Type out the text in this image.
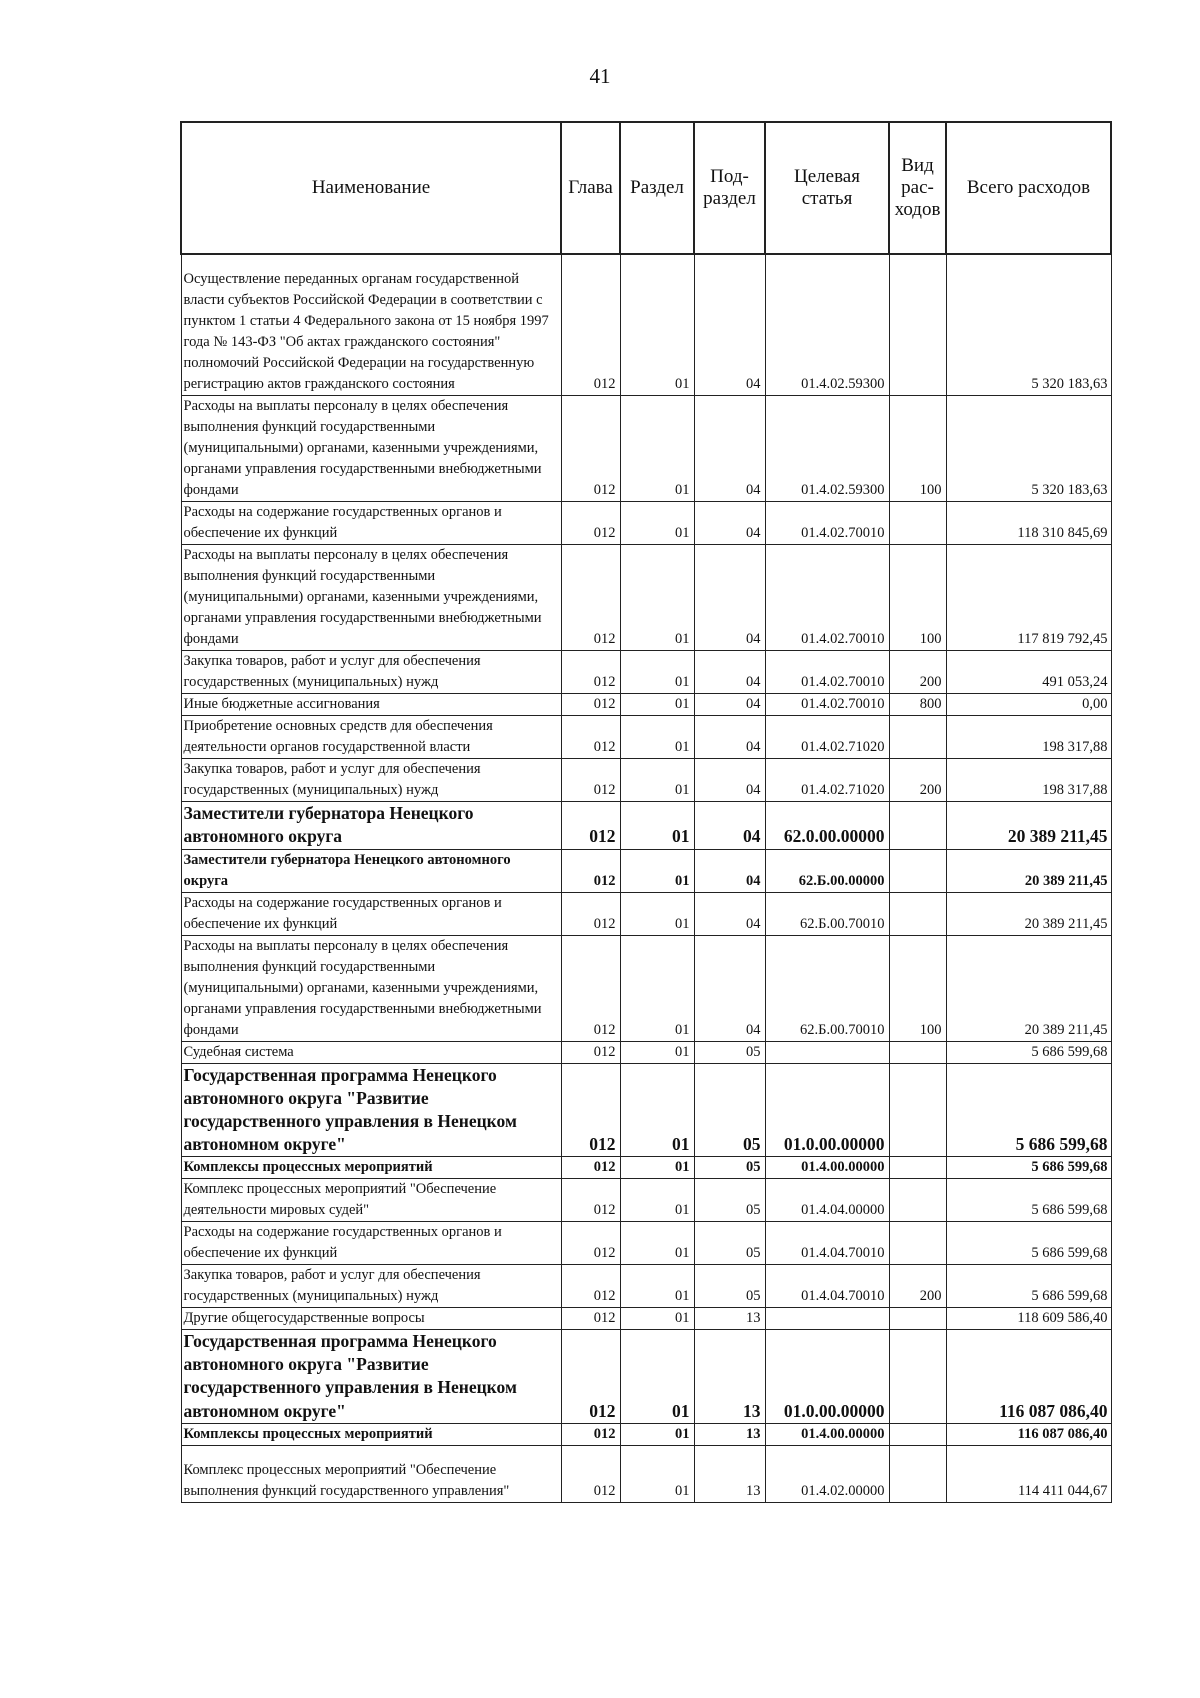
41
Наименование	Глава	Раздел	Под-раздел	Целевая статья	Вид рас-ходов	Всего расходов
Осуществление переданных органам государственной власти субъектов Российской Федерации в соответствии с пунктом 1 статьи 4 Федерального закона от 15 ноября 1997 года № 143-ФЗ "Об актах гражданского состояния" полномочий Российской Федерации на государственную регистрацию актов гражданского состояния	012	01	04	01.4.02.59300		5 320 183,63
Расходы на выплаты персоналу в целях обеспечения выполнения функций государственными (муниципальными) органами, казенными учреждениями, органами управления государственными внебюджетными фондами	012	01	04	01.4.02.59300	100	5 320 183,63
Расходы на содержание государственных органов и обеспечение их функций	012	01	04	01.4.02.70010		118 310 845,69
Расходы на выплаты персоналу в целях обеспечения выполнения функций государственными (муниципальными) органами, казенными учреждениями, органами управления государственными внебюджетными фондами	012	01	04	01.4.02.70010	100	117 819 792,45
Закупка товаров, работ и услуг для обеспечения государственных (муниципальных) нужд	012	01	04	01.4.02.70010	200	491 053,24
Иные бюджетные ассигнования	012	01	04	01.4.02.70010	800	0,00
Приобретение основных средств для обеспечения деятельности органов государственной власти	012	01	04	01.4.02.71020		198 317,88
Закупка товаров, работ и услуг для обеспечения государственных (муниципальных) нужд	012	01	04	01.4.02.71020	200	198 317,88
Заместители губернатора Ненецкого автономного округа	012	01	04	62.0.00.00000		20 389 211,45
Заместители губернатора Ненецкого автономного округа	012	01	04	62.Б.00.00000		20 389 211,45
Расходы на содержание государственных органов и обеспечение их функций	012	01	04	62.Б.00.70010		20 389 211,45
Расходы на выплаты персоналу в целях обеспечения выполнения функций государственными (муниципальными) органами, казенными учреждениями, органами управления государственными внебюджетными фондами	012	01	04	62.Б.00.70010	100	20 389 211,45
Судебная система	012	01	05			5 686 599,68
Государственная программа Ненецкого автономного округа "Развитие государственного управления в Ненецком автономном округе"	012	01	05	01.0.00.00000		5 686 599,68
Комплексы процессных мероприятий	012	01	05	01.4.00.00000		5 686 599,68
Комплекс процессных мероприятий "Обеспечение деятельности мировых судей"	012	01	05	01.4.04.00000		5 686 599,68
Расходы на содержание государственных органов и обеспечение их функций	012	01	05	01.4.04.70010		5 686 599,68
Закупка товаров, работ и услуг для обеспечения государственных (муниципальных) нужд	012	01	05	01.4.04.70010	200	5 686 599,68
Другие общегосударственные вопросы	012	01	13			118 609 586,40
Государственная программа Ненецкого автономного округа "Развитие государственного управления в Ненецком автономном округе"	012	01	13	01.0.00.00000		116 087 086,40
Комплексы процессных мероприятий	012	01	13	01.4.00.00000		116 087 086,40
Комплекс процессных мероприятий "Обеспечение выполнения функций государственного управления"	012	01	13	01.4.02.00000		114 411 044,67
